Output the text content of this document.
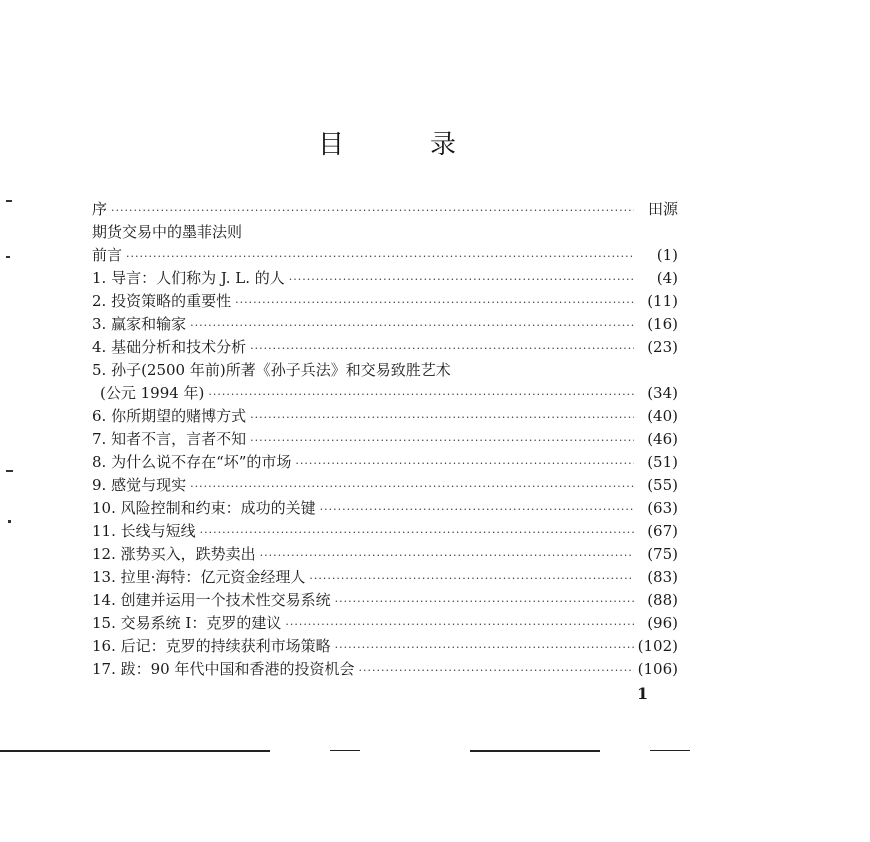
目	录
序 ·····	田源
期货交易中的墨菲法则
前言 ·····	(1)
1. 导言：人们称为 J. L. 的人 ·····	(4)
2. 投资策略的重要性 ·····	(11)
3. 赢家和输家 ·····	(16)
4. 基础分析和技术分析 ·····	(23)
5. 孙子(2500 年前)所著《孙子兵法》和交易致胜艺术
(公元 1994 年) ·····	(34)
6. 你所期望的赌博方式 ·····	(40)
7. 知者不言，言者不知 ·····	(46)
8. 为什么说不存在“坏”的市场 ·····	(51)
9. 感觉与现实 ·····	(55)
10. 风险控制和约束：成功的关键 ·····	(63)
11. 长线与短线 ·····	(67)
12. 涨势买入，跌势卖出 ·····	(75)
13. 拉里·海特：亿元资金经理人 ·····	(83)
14. 创建并运用一个技术性交易系统 ·····	(88)
15. 交易系统 I：克罗的建议 ·····	(96)
16. 后记：克罗的持续获利市场策略 ·····	(102)
17. 跋：90 年代中国和香港的投资机会 ·····	(106)
1
